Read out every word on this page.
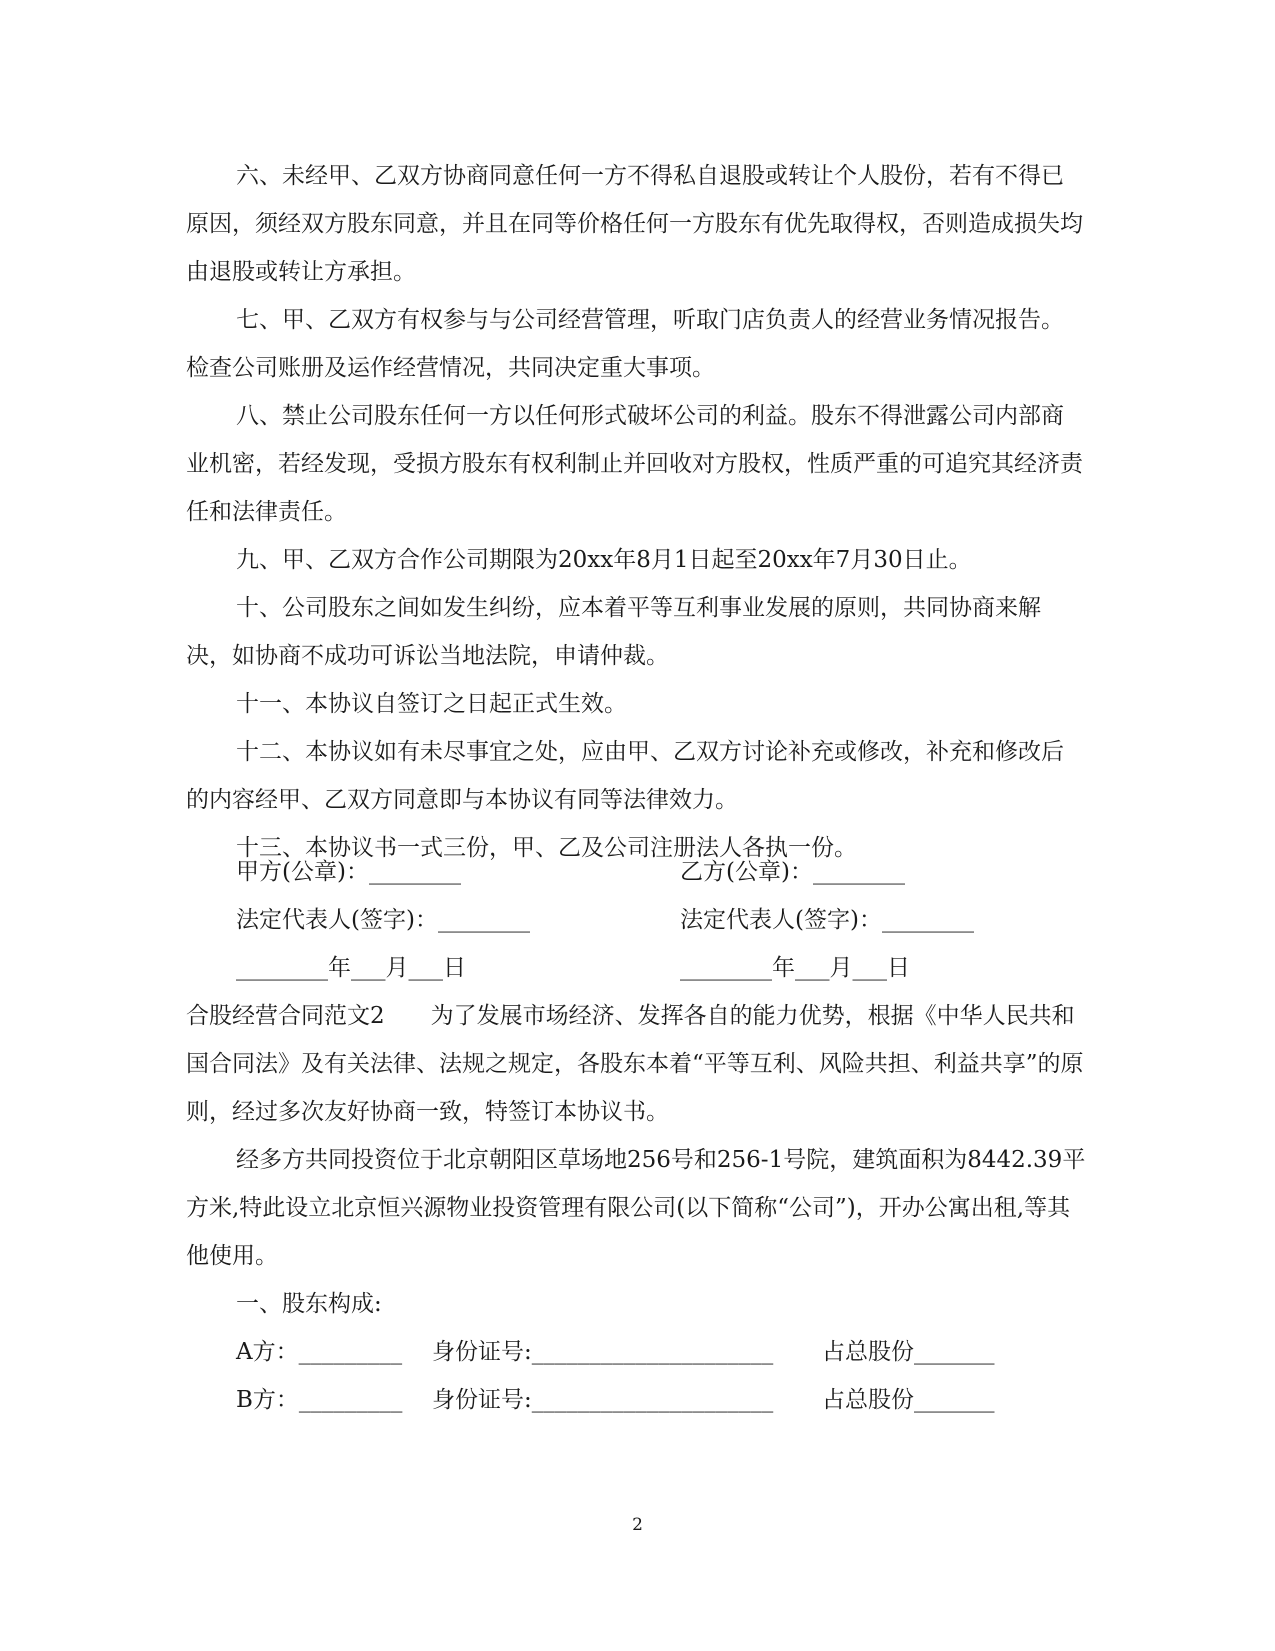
六、未经甲、乙双方协商同意任何一方不得私自退股或转让个人股份，若有不得已原因，须经双方股东同意，并且在同等价格任何一方股东有优先取得权，否则造成损失均由退股或转让方承担。

七、甲、乙双方有权参与与公司经营管理，听取门店负责人的经营业务情况报告。检查公司账册及运作经营情况，共同决定重大事项。

八、禁止公司股东任何一方以任何形式破坏公司的利益。股东不得泄露公司内部商业机密，若经发现，受损方股东有权利制止并回收对方股权，性质严重的可追究其经济责任和法律责任。

九、甲、乙双方合作公司期限为20xx年8月1日起至20xx年7月30日止。

十、公司股东之间如发生纠纷，应本着平等互利事业发展的原则，共同协商来解决，如协商不成功可诉讼当地法院，申请仲裁。

十一、本协议自签订之日起正式生效。

十二、本协议如有未尽事宜之处，应由甲、乙双方讨论补充或修改，补充和修改后的内容经甲、乙双方同意即与本协议有同等法律效力。

十三、本协议书一式三份，甲、乙及公司注册法人各执一份。

甲方(公章)：________	乙方(公章)：________
法定代表人(签字)：________	法定代表人(签字)：________
________年___月___日	________年___月___日

合股经营合同范文2　　为了发展市场经济、发挥各自的能力优势，根据《中华人民共和国合同法》及有关法律、法规之规定，各股东本着“平等互利、风险共担、利益共享”的原则，经过多次友好协商一致，特签订本协议书。

经多方共同投资位于北京朝阳区草场地256号和256-1号院，建筑面积为8442.39平方米,特此设立北京恒兴源物业投资管理有限公司(以下简称“公司”)，开办公寓出租,等其他使用。

一、股东构成:

A方：_________ 身份证号:_____________________ 占总股份_______
B方：_________ 身份证号:_____________________ 占总股份_______
2
